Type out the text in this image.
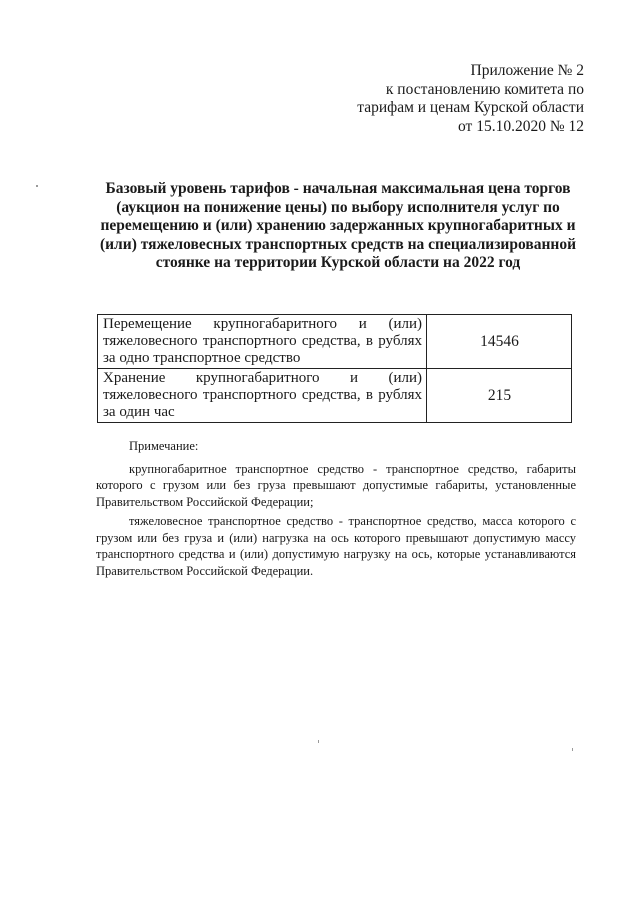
Приложение № 2
к постановлению комитета по
тарифам и ценам Курской области
от 15.10.2020 № 12
Базовый уровень тарифов - начальная максимальная цена торгов (аукцион на понижение цены) по выбору исполнителя услуг по перемещению и (или) хранению задержанных крупногабаритных и (или) тяжеловесных транспортных средств на специализированной стоянке на территории Курской области на 2022 год
Перемещение крупногабаритного и (или) тяжеловесного транспортного средства, в рублях за одно транспортное средство	14546
Хранение крупногабаритного и (или) тяжеловесного транспортного средства, в рублях за один час	215
Примечание:

крупногабаритное транспортное средство - транспортное средство, габариты которого с грузом или без груза превышают допустимые габариты, установленные Правительством Российской Федерации;

тяжеловесное транспортное средство - транспортное средство, масса которого с грузом или без груза и (или) нагрузка на ось которого превышают допустимую массу транспортного средства и (или) допустимую нагрузку на ось, которые устанавливаются Правительством Российской Федерации.
